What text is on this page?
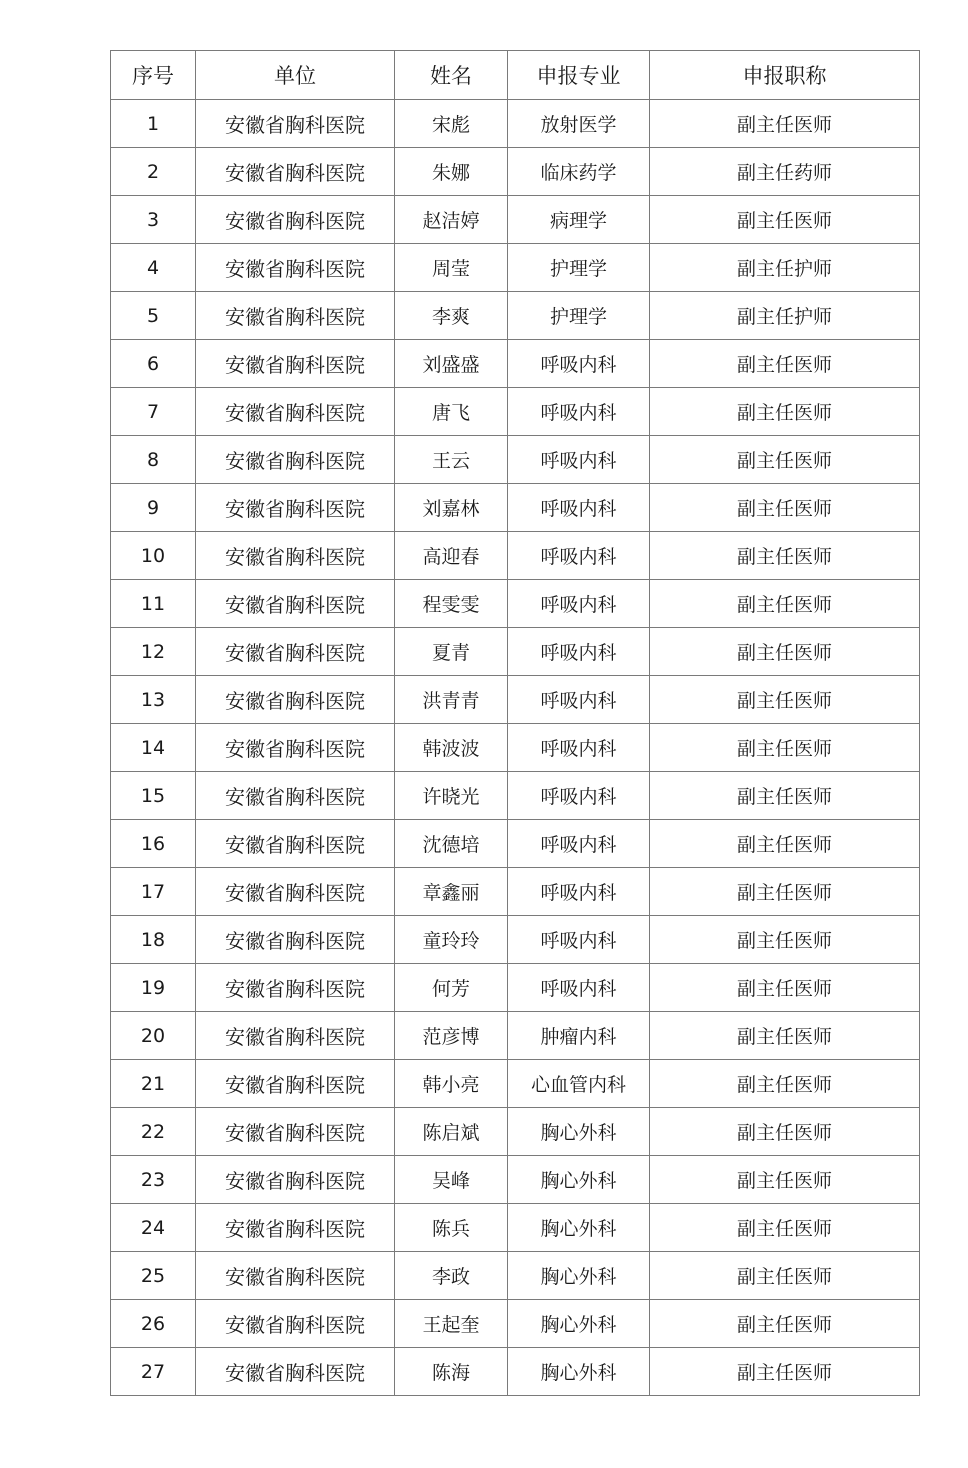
序号	单位	姓名	申报专业	申报职称
1	安徽省胸科医院	宋彪	放射医学	副主任医师
2	安徽省胸科医院	朱娜	临床药学	副主任药师
3	安徽省胸科医院	赵洁婷	病理学	副主任医师
4	安徽省胸科医院	周莹	护理学	副主任护师
5	安徽省胸科医院	李爽	护理学	副主任护师
6	安徽省胸科医院	刘盛盛	呼吸内科	副主任医师
7	安徽省胸科医院	唐飞	呼吸内科	副主任医师
8	安徽省胸科医院	王云	呼吸内科	副主任医师
9	安徽省胸科医院	刘嘉林	呼吸内科	副主任医师
10	安徽省胸科医院	高迎春	呼吸内科	副主任医师
11	安徽省胸科医院	程雯雯	呼吸内科	副主任医师
12	安徽省胸科医院	夏青	呼吸内科	副主任医师
13	安徽省胸科医院	洪青青	呼吸内科	副主任医师
14	安徽省胸科医院	韩波波	呼吸内科	副主任医师
15	安徽省胸科医院	许晓光	呼吸内科	副主任医师
16	安徽省胸科医院	沈德培	呼吸内科	副主任医师
17	安徽省胸科医院	章鑫丽	呼吸内科	副主任医师
18	安徽省胸科医院	童玲玲	呼吸内科	副主任医师
19	安徽省胸科医院	何芳	呼吸内科	副主任医师
20	安徽省胸科医院	范彦博	肿瘤内科	副主任医师
21	安徽省胸科医院	韩小亮	心血管内科	副主任医师
22	安徽省胸科医院	陈启斌	胸心外科	副主任医师
23	安徽省胸科医院	吴峰	胸心外科	副主任医师
24	安徽省胸科医院	陈兵	胸心外科	副主任医师
25	安徽省胸科医院	李政	胸心外科	副主任医师
26	安徽省胸科医院	王起奎	胸心外科	副主任医师
27	安徽省胸科医院	陈海	胸心外科	副主任医师
